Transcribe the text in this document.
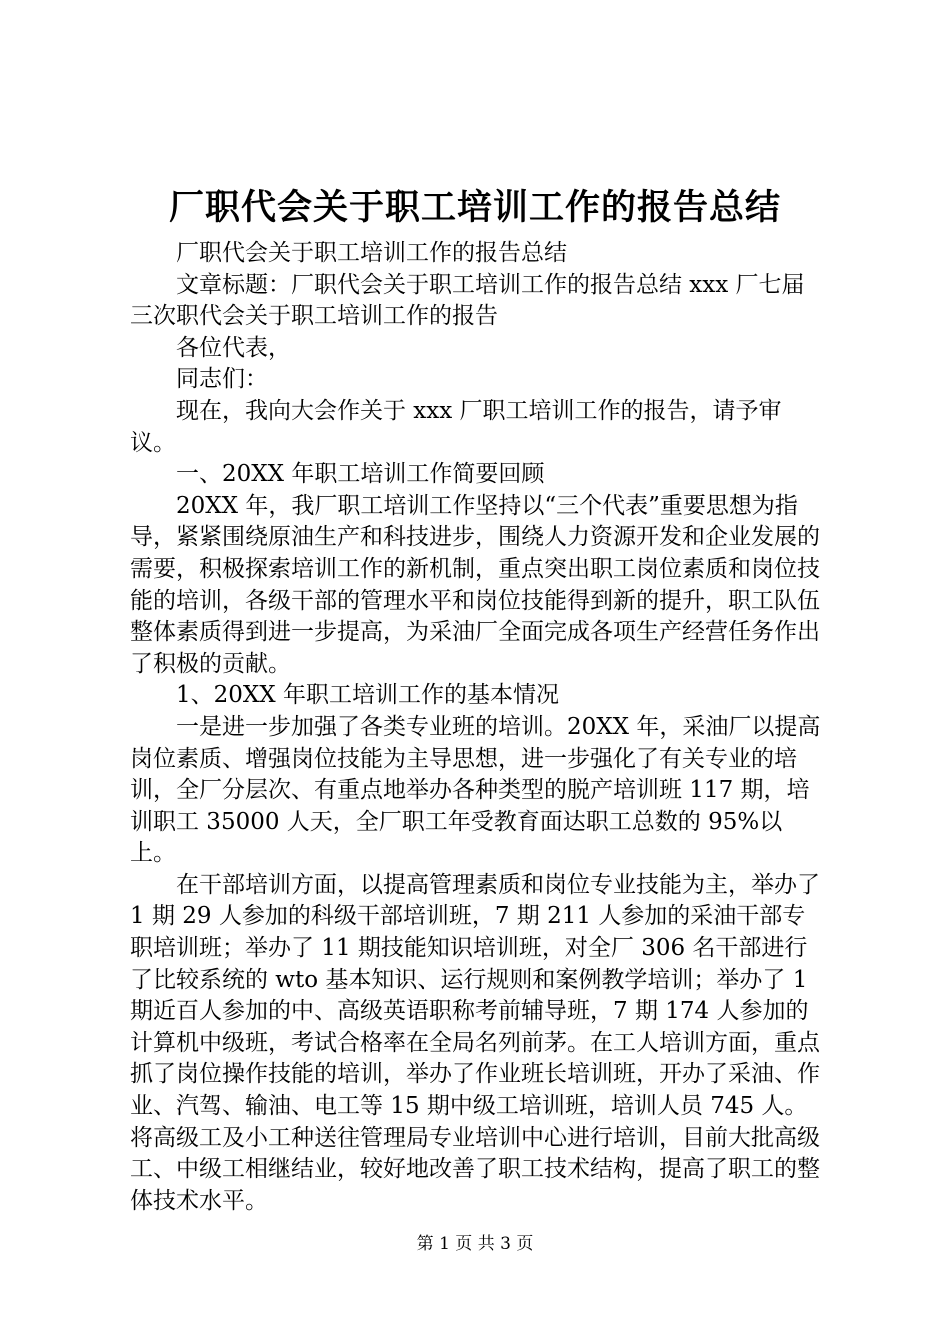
厂职代会关于职工培训工作的报告总结

厂职代会关于职工培训工作的报告总结

文章标题：厂职代会关于职工培训工作的报告总结 xxx 厂七届三次职代会关于职工培训工作的报告

各位代表，

同志们：

现在，我向大会作关于 xxx 厂职工培训工作的报告，请予审议。

一、20XX 年职工培训工作简要回顾

20XX 年，我厂职工培训工作坚持以“三个代表”重要思想为指导，紧紧围绕原油生产和科技进步，围绕人力资源开发和企业发展的需要，积极探索培训工作的新机制，重点突出职工岗位素质和岗位技能的培训，各级干部的管理水平和岗位技能得到新的提升，职工队伍整体素质得到进一步提高，为采油厂全面完成各项生产经营任务作出了积极的贡献。

1、20XX 年职工培训工作的基本情况

一是进一步加强了各类专业班的培训。20XX 年，采油厂以提高岗位素质、增强岗位技能为主导思想，进一步强化了有关专业的培训，全厂分层次、有重点地举办各种类型的脱产培训班 117 期，培训职工 35000 人天，全厂职工年受教育面达职工总数的 95%以上。

在干部培训方面，以提高管理素质和岗位专业技能为主，举办了 1 期 29 人参加的科级干部培训班，7 期 211 人参加的采油干部专职培训班；举办了 11 期技能知识培训班，对全厂 306 名干部进行了比较系统的 wto 基本知识、运行规则和案例教学培训；举办了 1 期近百人参加的中、高级英语职称考前辅导班，7 期 174 人参加的计算机中级班，考试合格率在全局名列前茅。在工人培训方面，重点抓了岗位操作技能的培训，举办了作业班长培训班，开办了采油、作业、汽驾、输油、电工等 15 期中级工培训班，培训人员 745 人。将高级工及小工种送往管理局专业培训中心进行培训，目前大批高级工、中级工相继结业，较好地改善了职工技术结构，提高了职工的整体技术水平。

第 1 页 共 3 页
